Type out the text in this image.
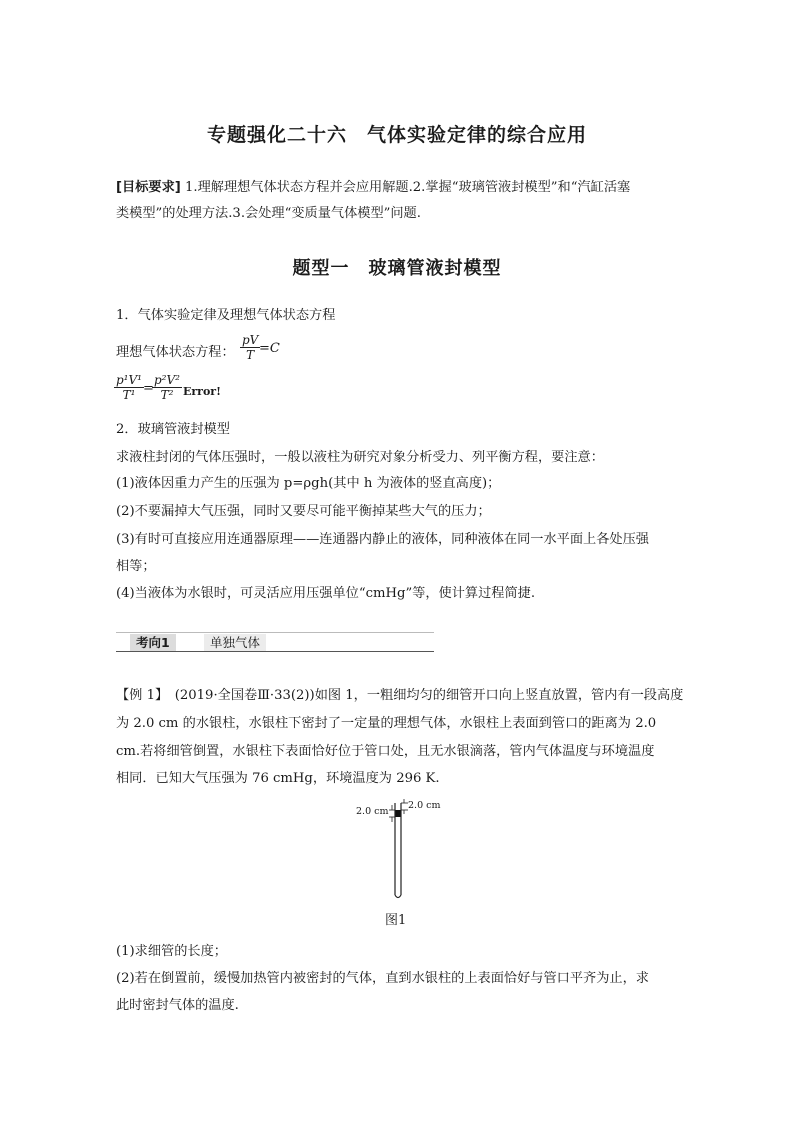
专题强化二十六　气体实验定律的综合应用
[目标要求] 1.理解理想气体状态方程并会应用解题.2.掌握“玻璃管液封模型”和“汽缸活塞
类模型”的处理方法.3.会处理“变质量气体模型”问题.
题型一　玻璃管液封模型
1．气体实验定律及理想气体状态方程
理想气体状态方程： $\frac{pV}{T}$
=C
$\frac{\text{p¹V¹}}{\text{T¹}}$ =
$\frac{\text{p²V²}}{\text{T²}}$ Error!
2．玻璃管液封模型
求液柱封闭的气体压强时，一般以液柱为研究对象分析受力、列平衡方程，要注意：
(1)液体因重力产生的压强为 p=ρgh(其中 h 为液体的竖直高度)；
(2)不要漏掉大气压强，同时又要尽可能平衡掉某些大气的压力；
(3)有时可直接应用连通器原理——连通器内静止的液体，同种液体在同一水平面上各处压强
相等；
(4)当液体为水银时，可灵活应用压强单位“cmHg”等，使计算过程简捷.
考向1	单独气体
【例 1】　(2019·全国卷Ⅲ·33(2))如图 1，一粗细均匀的细管开口向上竖直放置，管内有一段高度
为 2.0 cm 的水银柱，水银柱下密封了一定量的理想气体，水银柱上表面到管口的距离为 2.0
cm.若将细管倒置，水银柱下表面恰好位于管口处，且无水银滴落，管内气体温度与环境温度
相同．已知大气压强为 76 cmHg，环境温度为 296 K.
2.0 cm
2.0 cm
图1
(1)求细管的长度；
(2)若在倒置前，缓慢加热管内被密封的气体，直到水银柱的上表面恰好与管口平齐为止，求
此时密封气体的温度.
